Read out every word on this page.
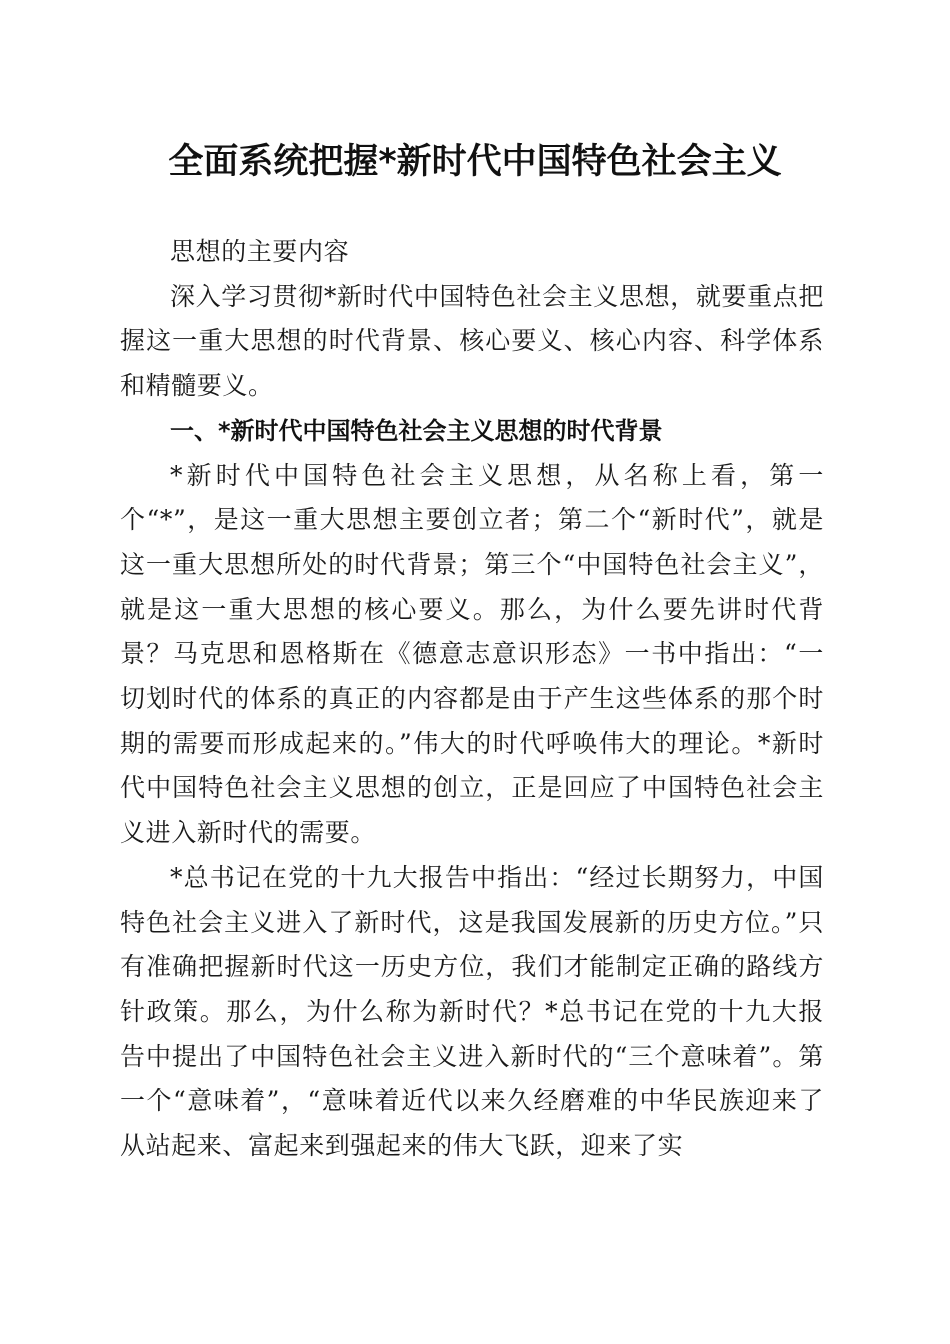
全面系统把握*新时代中国特色社会主义

思想的主要内容

深入学习贯彻*新时代中国特色社会主义思想，就要重点把握这一重大思想的时代背景、核心要义、核心内容、科学体系和精髓要义。

一、*新时代中国特色社会主义思想的时代背景

*新时代中国特色社会主义思想，从名称上看，第一个“*”，是这一重大思想主要创立者；第二个“新时代”，就是这一重大思想所处的时代背景；第三个“中国特色社会主义”，就是这一重大思想的核心要义。那么，为什么要先讲时代背景？马克思和恩格斯在《德意志意识形态》一书中指出：“一切划时代的体系的真正的内容都是由于产生这些体系的那个时期的需要而形成起来的。”伟大的时代呼唤伟大的理论。*新时代中国特色社会主义思想的创立，正是回应了中国特色社会主义进入新时代的需要。

*总书记在党的十九大报告中指出：“经过长期努力，中国特色社会主义进入了新时代，这是我国发展新的历史方位。”只有准确把握新时代这一历史方位，我们才能制定正确的路线方针政策。那么，为什么称为新时代？*总书记在党的十九大报告中提出了中国特色社会主义进入新时代的“三个意味着”。第一个“意味着”，“意味着近代以来久经磨难的中华民族迎来了从站起来、富起来到强起来的伟大飞跃，迎来了实
